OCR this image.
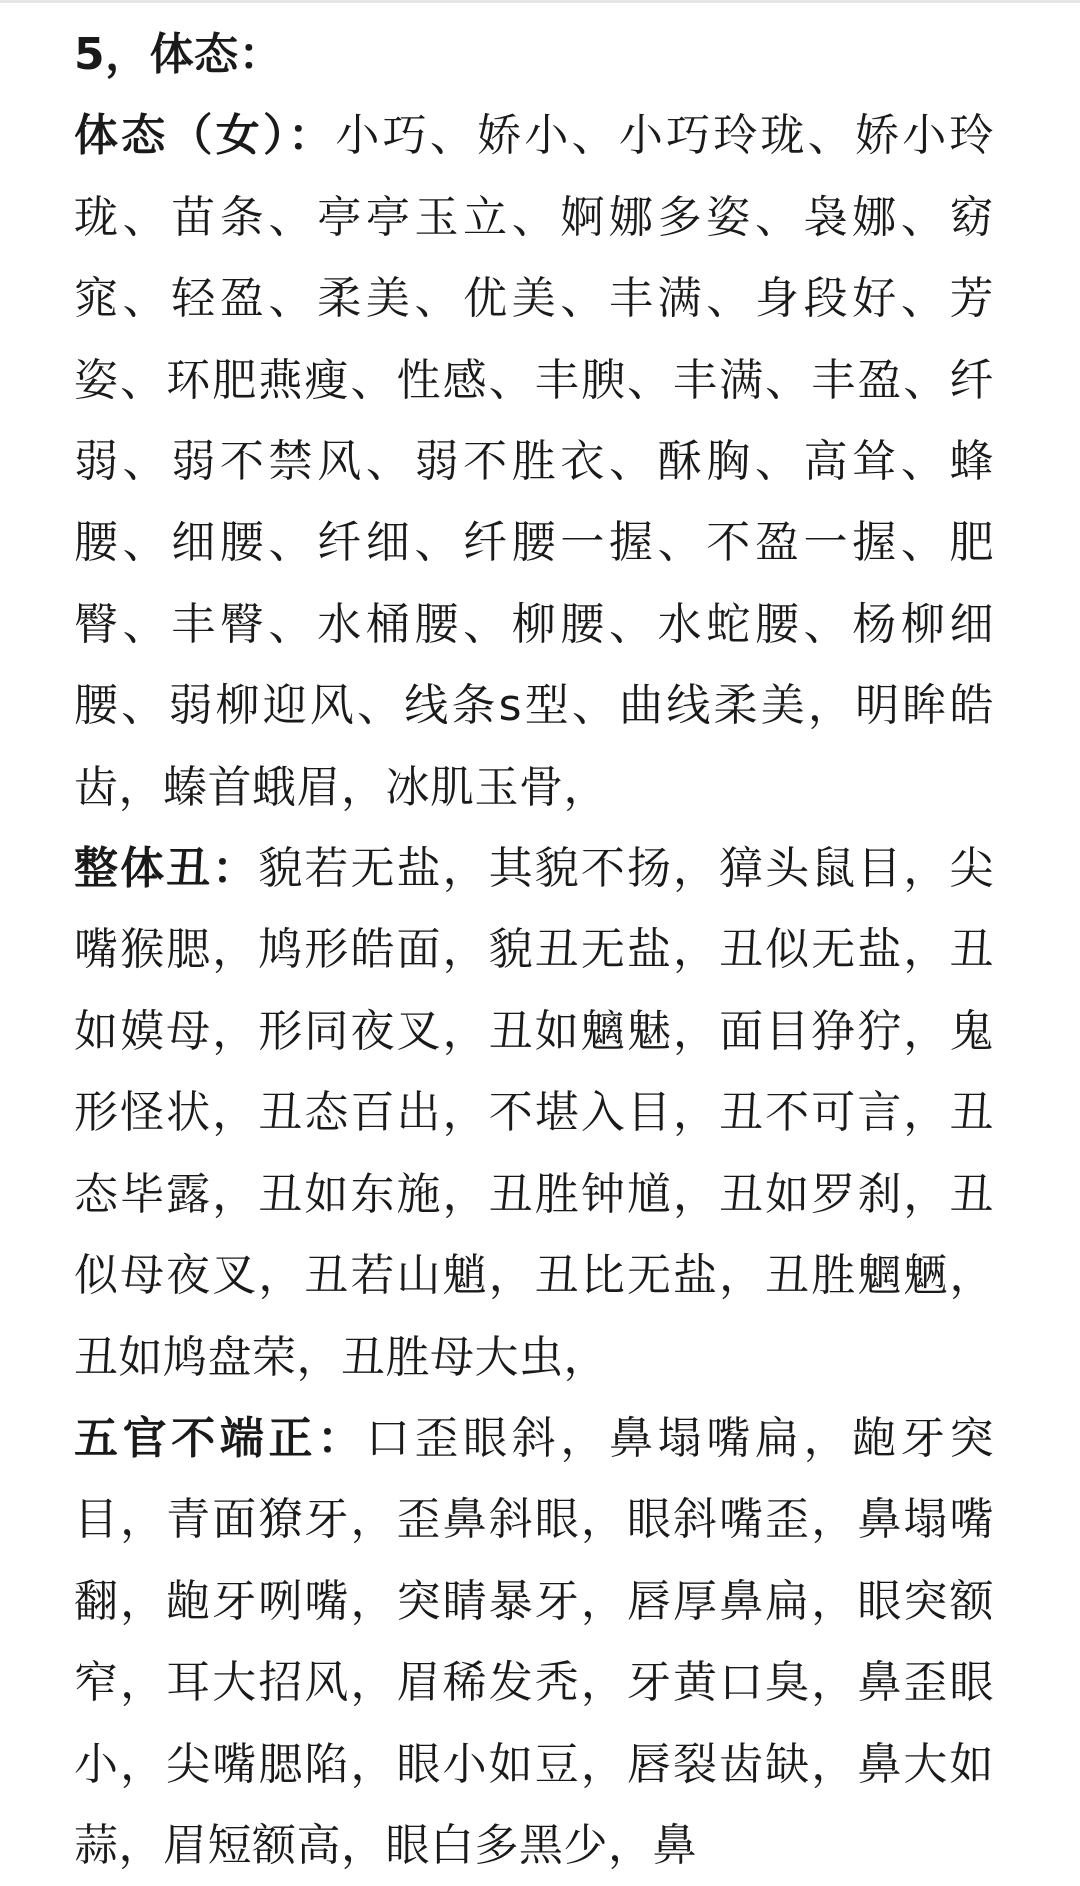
5，体态：

体态（女）：小巧、娇小、小巧玲珑、娇小玲珑、苗条、亭亭玉立、婀娜多姿、袅娜、窈窕、轻盈、柔美、优美、丰满、身段好、芳姿、环肥燕瘦、性感、丰腴、丰满、丰盈、纤弱、弱不禁风、弱不胜衣、酥胸、高耸、蜂腰、细腰、纤细、纤腰一握、不盈一握、肥臀、丰臀、水桶腰、柳腰、水蛇腰、杨柳细腰、弱柳迎风、线条s型、曲线柔美，明眸皓齿，螓首蛾眉，冰肌玉骨，

整体丑：貌若无盐，其貌不扬，獐头鼠目，尖嘴猴腮，鸠形皓面，貌丑无盐，丑似无盐，丑如嫫母，形同夜叉，丑如魑魅，面目狰狞，鬼形怪状，丑态百出，不堪入目，丑不可言，丑态毕露，丑如东施，丑胜钟馗，丑如罗刹，丑似母夜叉，丑若山魈，丑比无盐，丑胜魍魉，丑如鸠盘荣，丑胜母大虫，

五官不端正：口歪眼斜，鼻塌嘴扁，龅牙突目，青面獠牙，歪鼻斜眼，眼斜嘴歪，鼻塌嘴翻，龅牙咧嘴，突睛暴牙，唇厚鼻扁，眼突额窄，耳大招风，眉稀发秃，牙黄口臭，鼻歪眼小，尖嘴腮陷，眼小如豆，唇裂齿缺，鼻大如蒜，眉短额高，眼白多黑少，鼻
